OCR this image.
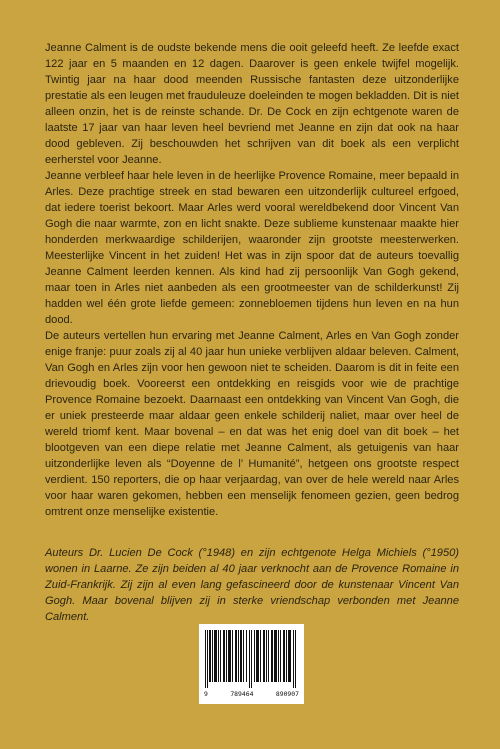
Jeanne Calment is de oudste bekende mens die ooit geleefd heeft. Ze leefde exact 122 jaar en 5 maanden en 12 dagen. Daarover is geen enkele twijfel mogelijk. Twintig jaar na haar dood meenden Russische fantasten deze uitzonderlijke prestatie als een leugen met frauduleuze doeleinden te mogen bekladden. Dit is niet alleen onzin, het is de reinste schande. Dr. De Cock en zijn echtgenote waren de laatste 17 jaar van haar leven heel bevriend met Jeanne en zijn dat ook na haar dood gebleven. Zij beschouwden het schrijven van dit boek als een verplicht eerherstel voor Jeanne.

Jeanne verbleef haar hele leven in de heerlijke Provence Romaine, meer bepaald in Arles. Deze prachtige streek en stad bewaren een uitzonderlijk cultureel erfgoed, dat iedere toerist bekoort. Maar Arles werd vooral wereldbekend door Vincent Van Gogh die naar warmte, zon en licht snakte. Deze sublieme kunstenaar maakte hier honderden merkwaardige schilderijen, waaronder zijn grootste meesterwerken. Meesterlijke Vincent in het zuiden! Het was in zijn spoor dat de auteurs toevallig Jeanne Calment leerden kennen. Als kind had zij persoonlijk Van Gogh gekend, maar toen in Arles niet aanbeden als een grootmeester van de schilderkunst! Zij hadden wel één grote liefde gemeen: zonnebloemen tijdens hun leven en na hun dood.

De auteurs vertellen hun ervaring met Jeanne Calment, Arles en Van Gogh zonder enige franje: puur zoals zij al 40 jaar hun unieke verblijven aldaar beleven. Calment, Van Gogh en Arles zijn voor hen gewoon niet te scheiden. Daarom is dit in feite een drievoudig boek. Vooreerst een ontdekking en reisgids voor wie de prachtige Provence Romaine bezoekt. Daarnaast een ontdekking van Vincent Van Gogh, die er uniek presteerde maar aldaar geen enkele schilderij naliet, maar over heel de wereld triomf kent. Maar bovenal – en dat was het enig doel van dit boek – het blootgeven van een diepe relatie met Jeanne Calment, als getuigenis van haar uitzonderlijke leven als “Doyenne de l’ Humanité”, hetgeen ons grootste respect verdient. 150 reporters, die op haar verjaardag, van over de hele wereld naar Arles voor haar waren gekomen, hebben een menselijk fenomeen gezien, geen bedrog omtrent onze menselijke existentie.

Auteurs Dr. Lucien De Cock (°1948) en zijn echtgenote Helga Michiels (°1950) wonen in Laarne. Ze zijn beiden al 40 jaar verknocht aan de Provence Romaine in Zuid-Frankrijk. Zij zijn al even lang gefascineerd door de kunstenaar Vincent Van Gogh. Maar bovenal blijven zij in sterke vriendschap verbonden met Jeanne Calment.

9	789464	890907
